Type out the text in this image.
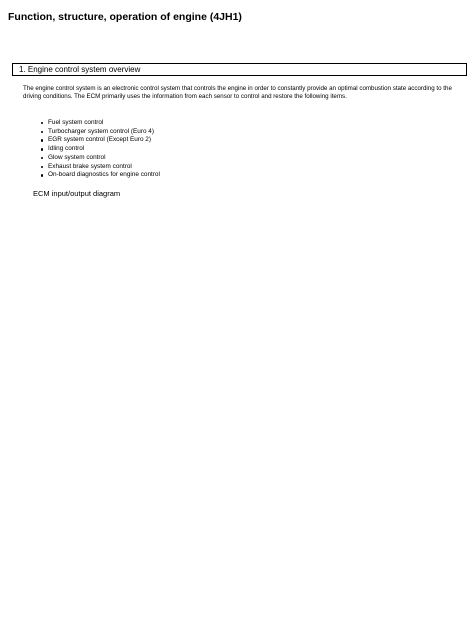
Function, structure, operation of engine (4JH1)
1. Engine control system overview
The engine control system is an electronic control system that controls the engine in order to constantly provide an optimal combustion state according to the driving conditions. The ECM primarily uses the information from each sensor to control and restore the following items.
Fuel system control
Turbocharger system control (Euro 4)
EGR system control (Except Euro 2)
Idling control
Glow system control
Exhaust brake system control
On-board diagnostics for engine control
ECM input/output diagram
